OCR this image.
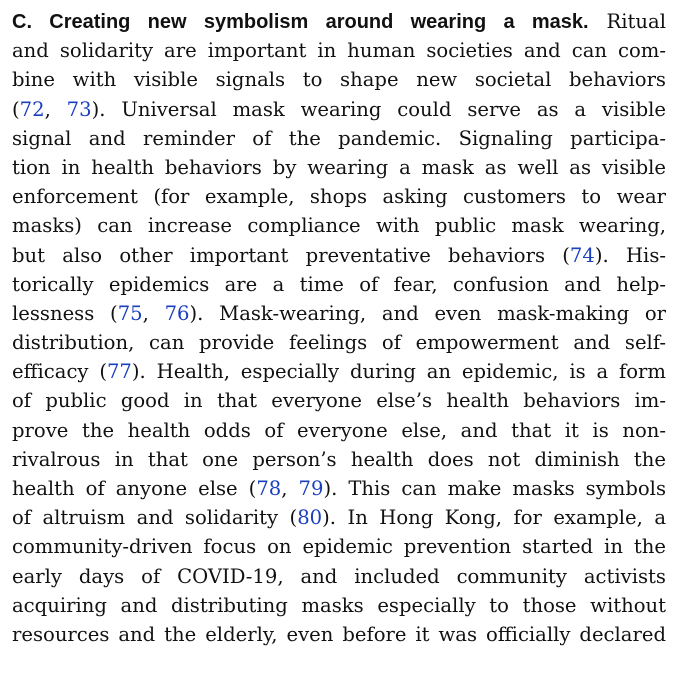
C. Creating new symbolism around wearing a mask. Ritual
and solidarity are important in human societies and can com-
bine with visible signals to shape new societal behaviors
(72, 73). Universal mask wearing could serve as a visible
signal and reminder of the pandemic. Signaling participa-
tion in health behaviors by wearing a mask as well as visible
enforcement (for example, shops asking customers to wear
masks) can increase compliance with public mask wearing,
but also other important preventative behaviors (74). His-
torically epidemics are a time of fear, confusion and help-
lessness (75, 76). Mask-wearing, and even mask-making or
distribution, can provide feelings of empowerment and self-
efficacy (77). Health, especially during an epidemic, is a form
of public good in that everyone else’s health behaviors im-
prove the health odds of everyone else, and that it is non-
rivalrous in that one person’s health does not diminish the
health of anyone else (78, 79). This can make masks symbols
of altruism and solidarity (80). In Hong Kong, for example, a
community-driven focus on epidemic prevention started in the
early days of COVID-19, and included community activists
acquiring and distributing masks especially to those without
resources and the elderly, even before it was officially declared
